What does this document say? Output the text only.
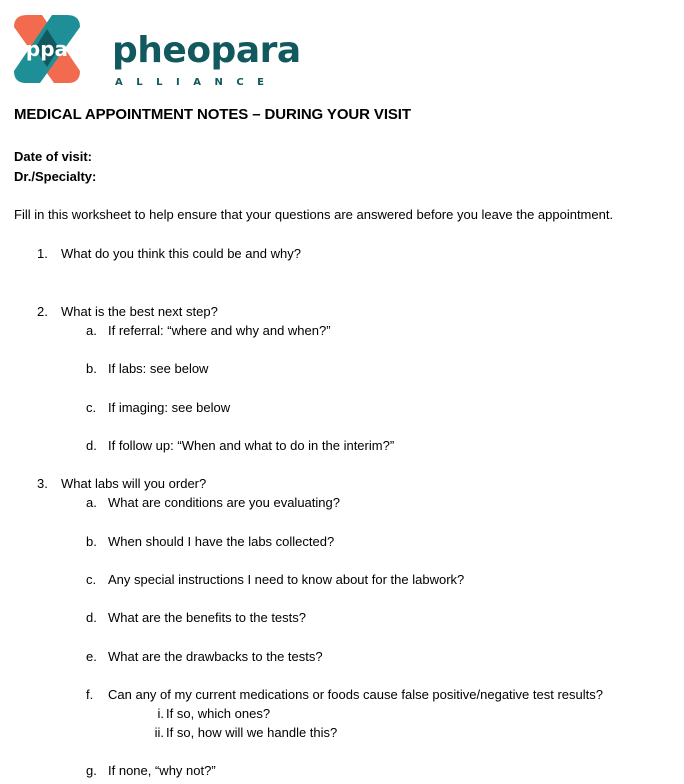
ppa pheopara
ALLIANCE
MEDICAL APPOINTMENT NOTES – DURING YOUR VISIT
Date of visit:
Dr./Specialty:
Fill in this worksheet to help ensure that your questions are answered before you leave the appointment.
1. What do you think this could be and why?
2. What is the best next step?
a. If referral: “where and why and when?”
b. If labs: see below
c. If imaging: see below
d. If follow up: “When and what to do in the interim?”
3. What labs will you order?
a. What are conditions are you evaluating?
b. When should I have the labs collected?
c. Any special instructions I need to know about for the labwork?
d. What are the benefits to the tests?
e. What are the drawbacks to the tests?
f. Can any of my current medications or foods cause false positive/negative test results?
i. If so, which ones?
ii. If so, how will we handle this?
g. If none, “why not?”
